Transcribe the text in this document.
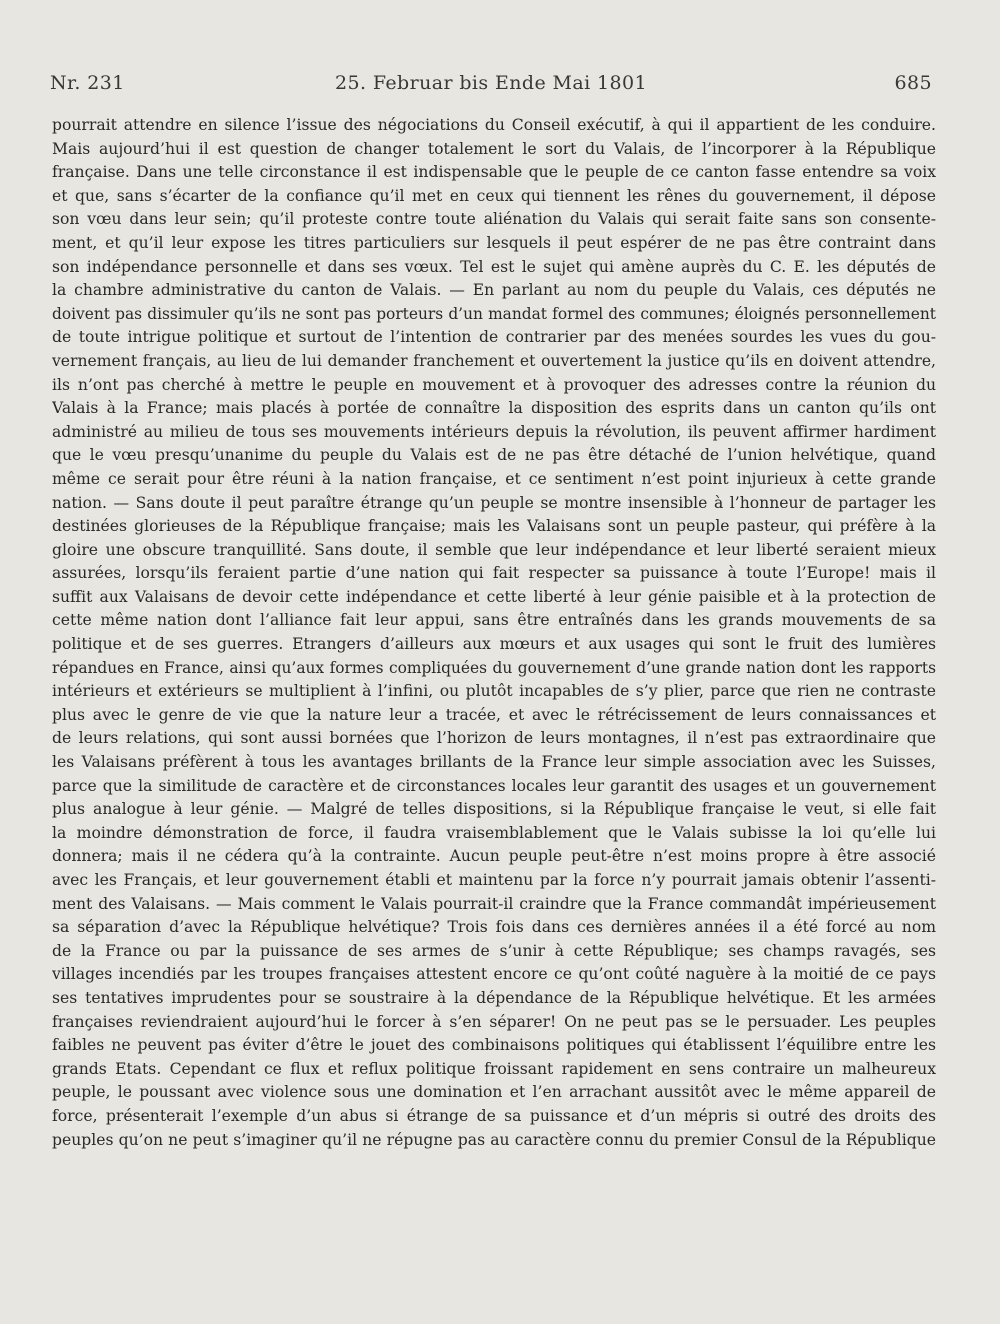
Nr. 231	25. Februar bis Ende Mai 1801	685
pourrait attendre en silence l’issue des négociations du Conseil exécutif, à qui il appartient de les conduire.
Mais aujourd’hui il est question de changer totalement le sort du Valais, de l’incorporer à la République
française. Dans une telle circonstance il est indispensable que le peuple de ce canton fasse entendre sa voix
et que, sans s’écarter de la confiance qu’il met en ceux qui tiennent les rênes du gouvernement, il dépose
son vœu dans leur sein; qu’il proteste contre toute aliénation du Valais qui serait faite sans son consente-
ment, et qu’il leur expose les titres particuliers sur lesquels il peut espérer de ne pas être contraint dans
son indépendance personnelle et dans ses vœux. Tel est le sujet qui amène auprès du C. E. les députés de
la chambre administrative du canton de Valais. — En parlant au nom du peuple du Valais, ces députés ne
doivent pas dissimuler qu’ils ne sont pas porteurs d’un mandat formel des communes; éloignés personnellement
de toute intrigue politique et surtout de l’intention de contrarier par des menées sourdes les vues du gou-
vernement français, au lieu de lui demander franchement et ouvertement la justice qu’ils en doivent attendre,
ils n’ont pas cherché à mettre le peuple en mouvement et à provoquer des adresses contre la réunion du
Valais à la France; mais placés à portée de connaître la disposition des esprits dans un canton qu’ils ont
administré au milieu de tous ses mouvements intérieurs depuis la révolution, ils peuvent affirmer hardiment
que le vœu presqu’unanime du peuple du Valais est de ne pas être détaché de l’union helvétique, quand
même ce serait pour être réuni à la nation française, et ce sentiment n’est point injurieux à cette grande
nation. — Sans doute il peut paraître étrange qu’un peuple se montre insensible à l’honneur de partager les
destinées glorieuses de la République française; mais les Valaisans sont un peuple pasteur, qui préfère à la
gloire une obscure tranquillité. Sans doute, il semble que leur indépendance et leur liberté seraient mieux
assurées, lorsqu’ils feraient partie d’une nation qui fait respecter sa puissance à toute l’Europe! mais il
suffit aux Valaisans de devoir cette indépendance et cette liberté à leur génie paisible et à la protection de
cette même nation dont l’alliance fait leur appui, sans être entraînés dans les grands mouvements de sa
politique et de ses guerres. Etrangers d’ailleurs aux mœurs et aux usages qui sont le fruit des lumières
répandues en France, ainsi qu’aux formes compliquées du gouvernement d’une grande nation dont les rapports
intérieurs et extérieurs se multiplient à l’infini, ou plutôt incapables de s’y plier, parce que rien ne contraste
plus avec le genre de vie que la nature leur a tracée, et avec le rétrécissement de leurs connaissances et
de leurs relations, qui sont aussi bornées que l’horizon de leurs montagnes, il n’est pas extraordinaire que
les Valaisans préfèrent à tous les avantages brillants de la France leur simple association avec les Suisses,
parce que la similitude de caractère et de circonstances locales leur garantit des usages et un gouvernement
plus analogue à leur génie. — Malgré de telles dispositions, si la République française le veut, si elle fait
la moindre démonstration de force, il faudra vraisemblablement que le Valais subisse la loi qu’elle lui
donnera; mais il ne cédera qu’à la contrainte. Aucun peuple peut-être n’est moins propre à être associé
avec les Français, et leur gouvernement établi et maintenu par la force n’y pourrait jamais obtenir l’assenti-
ment des Valaisans. — Mais comment le Valais pourrait-il craindre que la France commandât impérieusement
sa séparation d’avec la République helvétique? Trois fois dans ces dernières années il a été forcé au nom
de la France ou par la puissance de ses armes de s’unir à cette République; ses champs ravagés, ses
villages incendiés par les troupes françaises attestent encore ce qu’ont coûté naguère à la moitié de ce pays
ses tentatives imprudentes pour se soustraire à la dépendance de la République helvétique. Et les armées
françaises reviendraient aujourd’hui le forcer à s’en séparer! On ne peut pas se le persuader. Les peuples
faibles ne peuvent pas éviter d’être le jouet des combinaisons politiques qui établissent l’équilibre entre les
grands Etats. Cependant ce flux et reflux politique froissant rapidement en sens contraire un malheureux
peuple, le poussant avec violence sous une domination et l’en arrachant aussitôt avec le même appareil de
force, présenterait l’exemple d’un abus si étrange de sa puissance et d’un mépris si outré des droits des
peuples qu’on ne peut s’imaginer qu’il ne répugne pas au caractère connu du premier Consul de la République
